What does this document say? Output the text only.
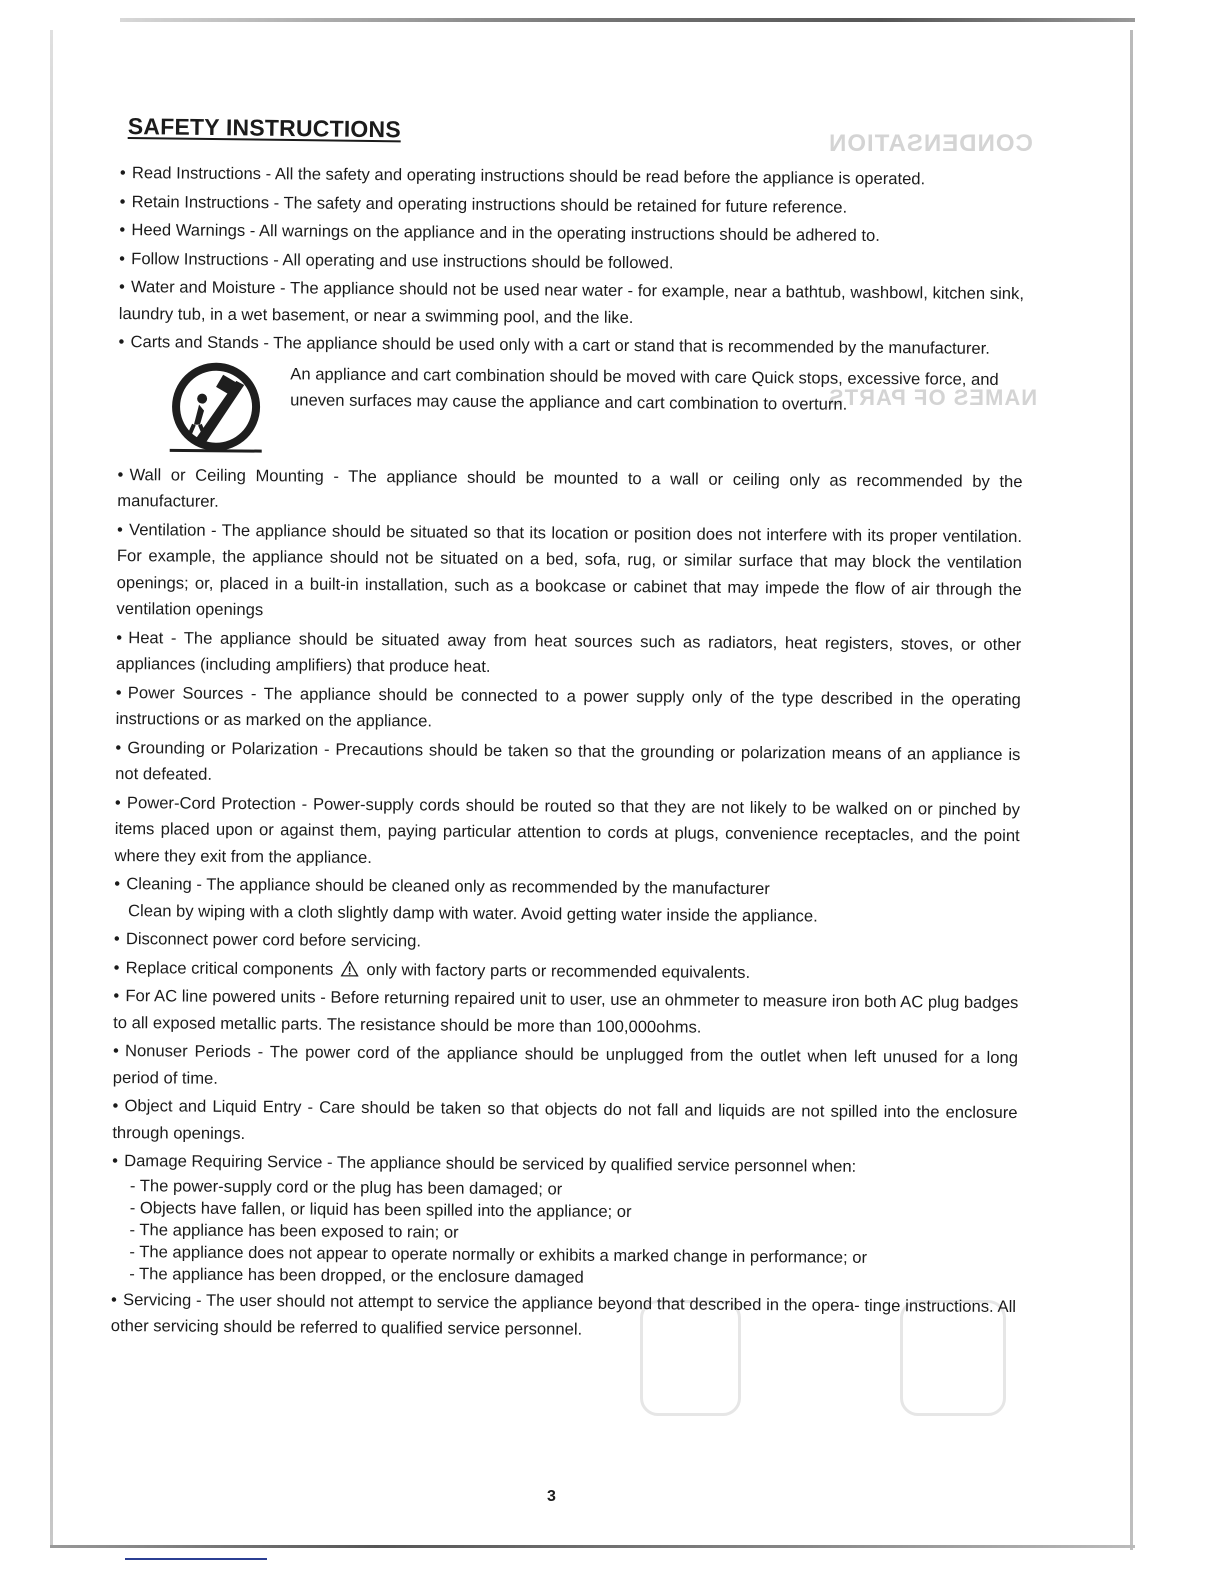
CONDENSATION
NAMES OF PARTS
SAFETY INSTRUCTIONS
• Read Instructions - All the safety and operating instructions should be read before the appliance is operated.
• Retain Instructions - The safety and operating instructions should be retained for future reference.
• Heed Warnings - All warnings on the appliance and in the operating instructions should be adhered to.
• Follow Instructions - All operating and use instructions should be followed.
• Water and Moisture - The appliance should not be used near water - for example, near a bathtub, washbowl, kitchen sink, laundry tub, in a wet basement, or near a swimming pool, and the like.
• Carts and Stands - The appliance should be used only with a cart or stand that is recommended by the manufacturer.
An appliance and cart combination should be moved with care Quick stops, excessive force, and uneven surfaces may cause the appliance and cart combination to overturn.
• Wall or Ceiling Mounting - The appliance should be mounted to a wall or ceiling only as recommended by the manufacturer.
• Ventilation - The appliance should be situated so that its location or position does not interfere with its proper ventilation. For example, the appliance should not be situated on a bed, sofa, rug, or similar surface that may block the ventilation openings; or, placed in a built-in installation, such as a bookcase or cabinet that may impede the flow of air through the ventilation openings
• Heat - The appliance should be situated away from heat sources such as radiators, heat registers, stoves, or other appliances (including amplifiers) that produce heat.
• Power Sources - The appliance should be connected to a power supply only of the type described in the operating instructions or as marked on the appliance.
• Grounding or Polarization - Precautions should be taken so that the grounding or polarization means of an appliance is not defeated.
• Power-Cord Protection - Power-supply cords should be routed so that they are not likely to be walked on or pinched by items placed upon or against them, paying particular attention to cords at plugs, convenience receptacles, and the point where they exit from the appliance.
• Cleaning - The appliance should be cleaned only as recommended by the manufacturer
Clean by wiping with a cloth slightly damp with water. Avoid getting water inside the appliance.
• Disconnect power cord before servicing.
• Replace critical components only with factory parts or recommended equivalents.
• For AC line powered units - Before returning repaired unit to user, use an ohmmeter to measure iron both AC plug badges to all exposed metallic parts. The resistance should be more than 100,000ohms.
• Nonuser Periods - The power cord of the appliance should be unplugged from the outlet when left unused for a long period of time.
• Object and Liquid Entry - Care should be taken so that objects do not fall and liquids are not spilled into the enclosure through openings.
• Damage Requiring Service - The appliance should be serviced by qualified service personnel when:
- The power-supply cord or the plug has been damaged; or
- Objects have fallen, or liquid has been spilled into the appliance; or
- The appliance has been exposed to rain; or
- The appliance does not appear to operate normally or exhibits a marked change in performance; or
- The appliance has been dropped, or the enclosure damaged
• Servicing - The user should not attempt to service the appliance beyond that described in the opera- tinge instructions. All other servicing should be referred to qualified service personnel.
3
